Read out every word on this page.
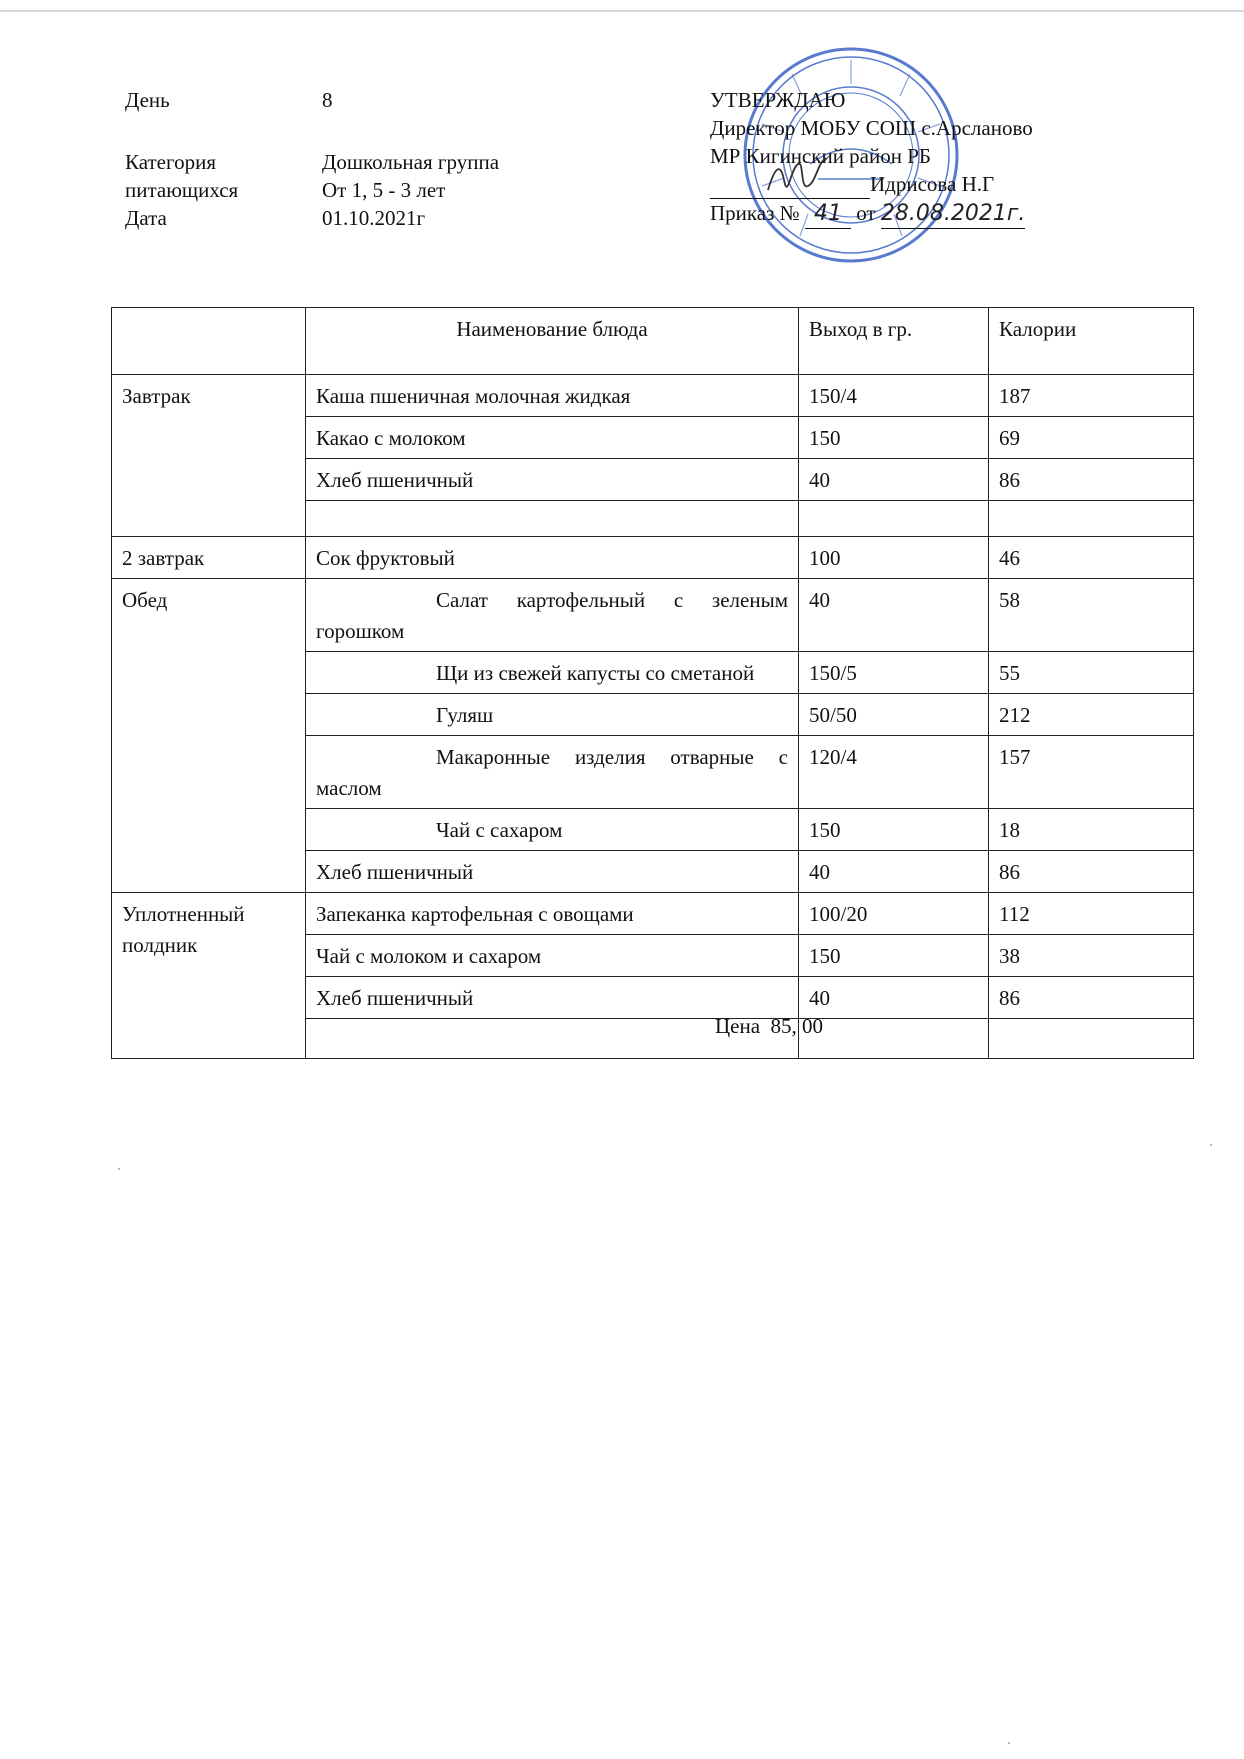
День	8
Категория
питающихся
Дошкольная группа
От 1, 5 - 3 лет
Дата	01.10.2021г
УТВЕРЖДАЮ
Директор МОБУ СОШ с.Арсланово
МР Кигинский район РБ
Идрисова Н.Г
Приказ № 41 от 28.08.2021г.
	Наименование блюда	Выход в гр.	Калории
Завтрак	Каша пшеничная молочная жидкая	150/4	187
	Какао с молоком	150	69
	Хлеб пшеничный	40	86

2 завтрак	Сок фруктовый	100	46
Обед	Салат картофельный с зеленым горошком	40	58
	Щи из свежей капусты со сметаной	150/5	55
	Гуляш	50/50	212
	Макаронные изделия отварные с маслом	120/4	157
	Чай с сахаром	150	18
	Хлеб пшеничный	40	86
Уплотненный полдник	Запеканка картофельная с овощами	100/20	112
	Чай с молоком и сахаром	150	38
	Хлеб пшеничный	40	86

Цена  85, 00
